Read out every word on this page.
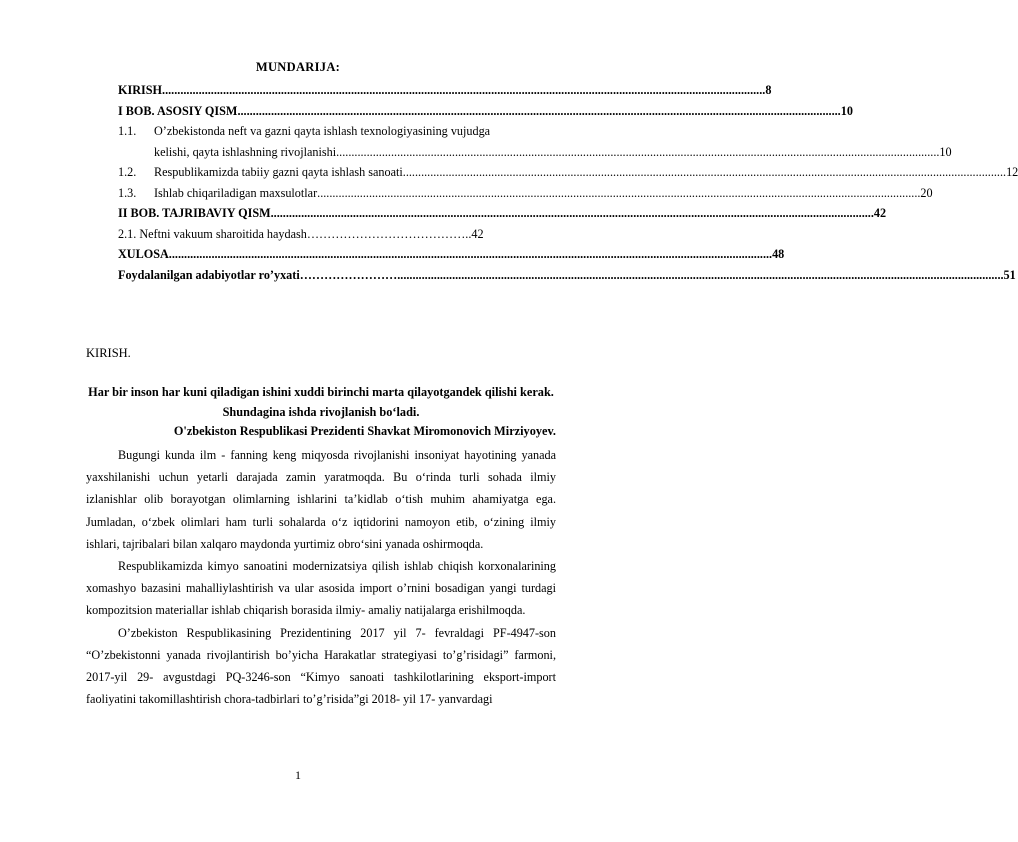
MUNDARIJA:
KIRISH .....	8
I BOB. ASOSIY QISM .....	10
1.1.	O’zbekistonda neft va gazni qayta ishlash texnologiyasining vujudga
kelishi, qayta ishlashning rivojlanishi .....	10
1.2.	Respublikamizda tabiiy gazni qayta ishlash sanoati .....	12
1.3.	Ishlab chiqariladigan maxsulotlar .....	20
II BOB. TAJRIBAVIY QISM .....	42
2.1. Neftni vakuum sharoitida haydash………………………………….. 42
XULOSA .....	48
Foydalanilgan adabiyotlar ro’yxati……………………. .....	51
KIRISH.
Har bir inson har kuni qiladigan ishini xuddi birinchi marta qilayotgandek qilishi kerak. Shundagina ishda rivojlanish bo‘ladi.
O'zbekiston Respublikasi Prezidenti Shavkat Miromonovich Mirziyoyev.

Bugungi kunda ilm - fanning keng miqyosda rivojlanishi insoniyat hayotining yanada yaxshilanishi uchun yetarli darajada zamin yaratmoqda. Bu o‘rinda turli sohada ilmiy izlanishlar olib borayotgan olimlarning ishlarini ta’kidlab o‘tish muhim ahamiyatga ega. Jumladan, o‘zbek olimlari ham turli sohalarda o‘z iqtidorini namoyon etib, o‘zining ilmiy ishlari, tajribalari bilan xalqaro maydonda yurtimiz obro‘sini yanada oshirmoqda.

Respublikamizda kimyo sanoatini modernizatsiya qilish ishlab chiqish korxonalarining xomashyo bazasini mahalliylashtirish va ular asosida import o’rnini bosadigan yangi turdagi kompozitsion materiallar ishlab chiqarish borasida ilmiy- amaliy natijalarga erishilmoqda.

O’zbekiston Respublikasining Prezidentining 2017 yil 7- fevraldagi PF-4947-son “O’zbekistonni yanada rivojlantirish bo’yicha Harakatlar strategiyasi to’g’risidagi” farmoni, 2017-yil 29- avgustdagi PQ-3246-son “Kimyo sanoati tashkilotlarining eksport-import faoliyatini takomillashtirish chora-tadbirlari to’g’risida”gi 2018- yil 17- yanvardagi

1
